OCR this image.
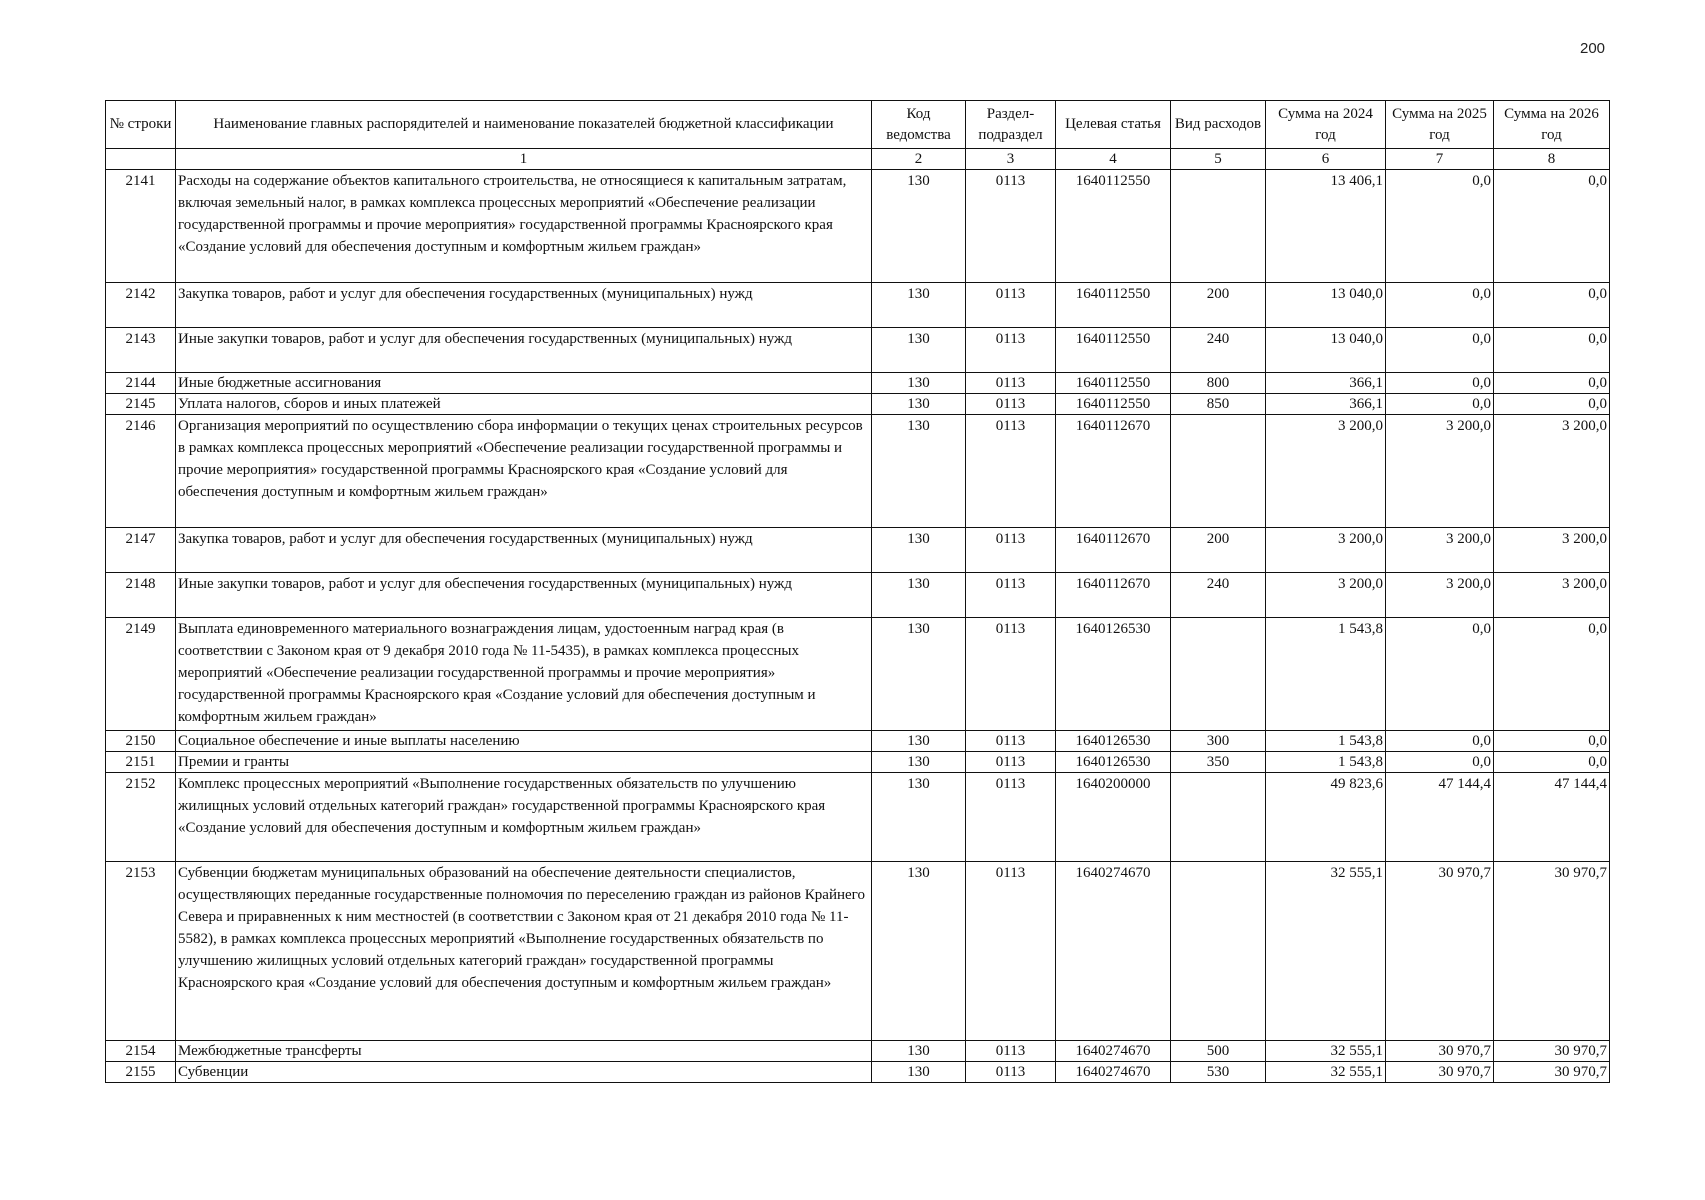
200
№ строки	Наименование главных распорядителей и наименование показателей бюджетной классификации	Код ведомства	Раздел-подраздел	Целевая статья	Вид расходов	Сумма на 2024 год	Сумма на 2025 год	Сумма на 2026 год
	1	2	3	4	5	6	7	8
2141	Расходы на содержание объектов капитального строительства, не относящиеся к капитальным затратам, включая земельный налог, в рамках комплекса процессных мероприятий «Обеспечение реализации государственной программы и прочие мероприятия» государственной программы Красноярского края «Создание условий для обеспечения доступным и комфортным жильем граждан»	130	0113	1640112550		13 406,1	0,0	0,0
2142	Закупка товаров, работ и услуг для обеспечения государственных (муниципальных) нужд	130	0113	1640112550	200	13 040,0	0,0	0,0
2143	Иные закупки товаров, работ и услуг для обеспечения государственных (муниципальных) нужд	130	0113	1640112550	240	13 040,0	0,0	0,0
2144	Иные бюджетные ассигнования	130	0113	1640112550	800	366,1	0,0	0,0
2145	Уплата налогов, сборов и иных платежей	130	0113	1640112550	850	366,1	0,0	0,0
2146	Организация мероприятий по осуществлению сбора информации о текущих ценах строительных ресурсов в рамках комплекса процессных мероприятий «Обеспечение реализации государственной программы и прочие мероприятия» государственной программы Красноярского края «Создание условий для обеспечения доступным и комфортным жильем граждан»	130	0113	1640112670		3 200,0	3 200,0	3 200,0
2147	Закупка товаров, работ и услуг для обеспечения государственных (муниципальных) нужд	130	0113	1640112670	200	3 200,0	3 200,0	3 200,0
2148	Иные закупки товаров, работ и услуг для обеспечения государственных (муниципальных) нужд	130	0113	1640112670	240	3 200,0	3 200,0	3 200,0
2149	Выплата единовременного материального вознаграждения лицам, удостоенным наград края (в соответствии с Законом края от 9 декабря 2010 года № 11-5435), в рамках комплекса процессных мероприятий «Обеспечение реализации государственной программы и прочие мероприятия» государственной программы Красноярского края «Создание условий для обеспечения доступным и комфортным жильем граждан»	130	0113	1640126530		1 543,8	0,0	0,0
2150	Социальное обеспечение и иные выплаты населению	130	0113	1640126530	300	1 543,8	0,0	0,0
2151	Премии и гранты	130	0113	1640126530	350	1 543,8	0,0	0,0
2152	Комплекс процессных мероприятий «Выполнение государственных обязательств по улучшению жилищных условий отдельных категорий граждан» государственной программы Красноярского края «Создание условий для обеспечения доступным и комфортным жильем граждан»	130	0113	1640200000		49 823,6	47 144,4	47 144,4
2153	Субвенции бюджетам муниципальных образований на обеспечение деятельности специалистов, осуществляющих переданные государственные полномочия по переселению граждан из районов Крайнего Севера и приравненных к ним местностей (в соответствии с Законом края от 21 декабря 2010 года № 11-5582), в рамках комплекса процессных мероприятий «Выполнение государственных обязательств по улучшению жилищных условий отдельных категорий граждан» государственной программы Красноярского края «Создание условий для обеспечения доступным и комфортным жильем граждан»	130	0113	1640274670		32 555,1	30 970,7	30 970,7
2154	Межбюджетные трансферты	130	0113	1640274670	500	32 555,1	30 970,7	30 970,7
2155	Субвенции	130	0113	1640274670	530	32 555,1	30 970,7	30 970,7
